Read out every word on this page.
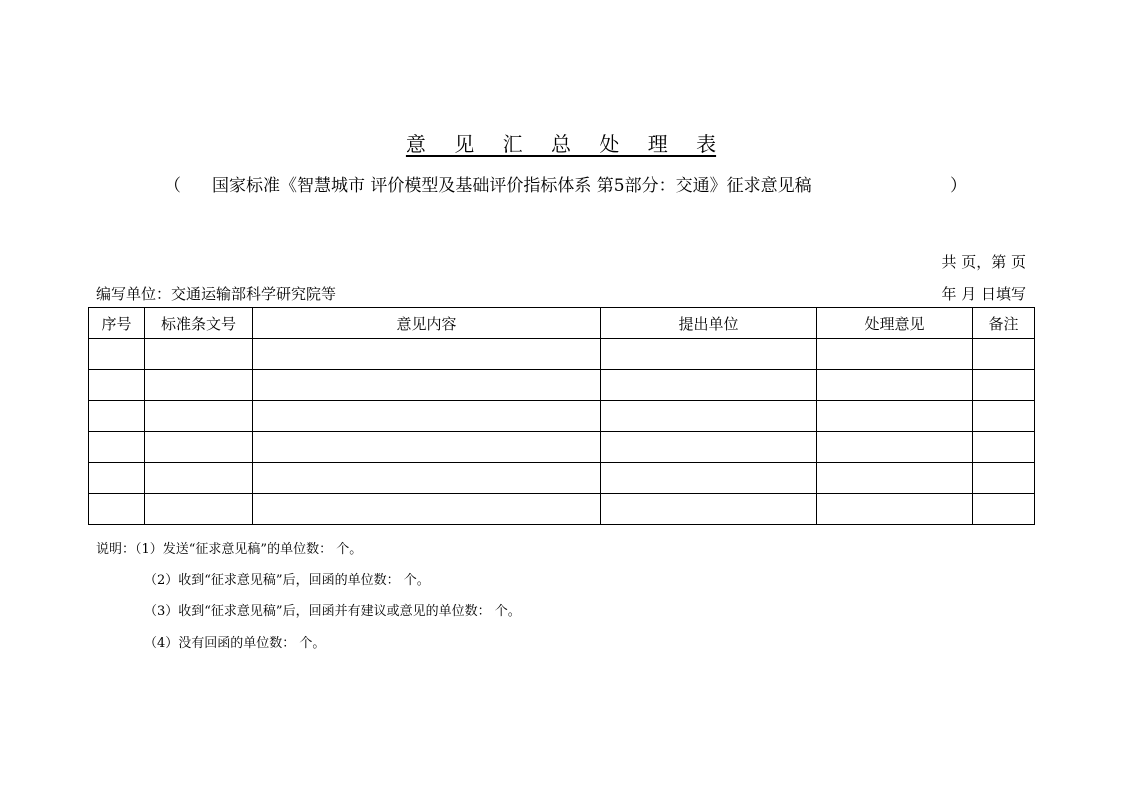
意 见 汇 总 处 理 表
（ 国家标准《智慧城市 评价模型及基础评价指标体系 第5部分：交通》征求意见稿	）
共 页，第 页
编写单位：交通运输部科学研究院等	年 月 日填写
序号	标准条文号	意见内容	提出单位	处理意见	备注

说明：（1）发送“征求意见稿”的单位数： 个。
（2）收到“征求意见稿”后，回函的单位数： 个。
（3）收到“征求意见稿”后，回函并有建议或意见的单位数： 个。
（4）没有回函的单位数： 个。
